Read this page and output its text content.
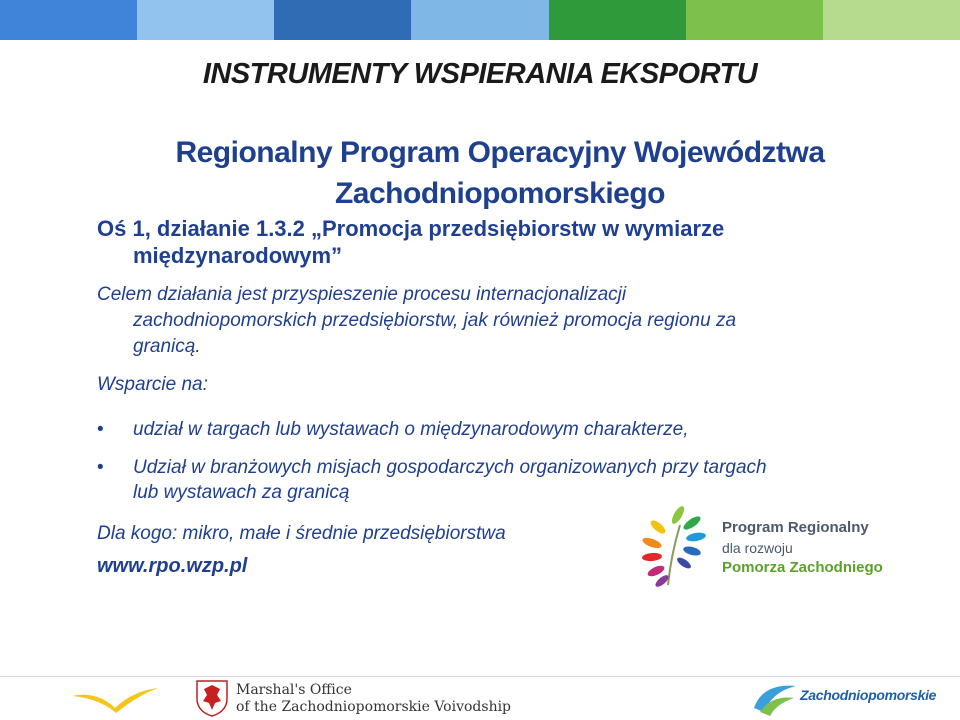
INSTRUMENTY WSPIERANIA EKSPORTU
Regionalny Program Operacyjny Województwa
Zachodniopomorskiego
Oś 1, działanie 1.3.2 „Promocja przedsiębiorstw w wymiarze
międzynarodowym”
Celem działania jest przyspieszenie procesu internacjonalizacji
zachodniopomorskich przedsiębiorstw, jak również promocja regionu za
granicą.
Wsparcie na:
• udział w targach lub wystawach o międzynarodowym charakterze,
• Udział w branżowych misjach gospodarczych organizowanych przy targach
lub wystawach za granicą
Dla kogo: mikro, małe i średnie przedsiębiorstwa
www.rpo.wzp.pl
Program Regionalny
dla rozwoju
Pomorza Zachodniego
Marshal's Office
of the Zachodniopomorskie Voivodship
Zachodniopomorskie
